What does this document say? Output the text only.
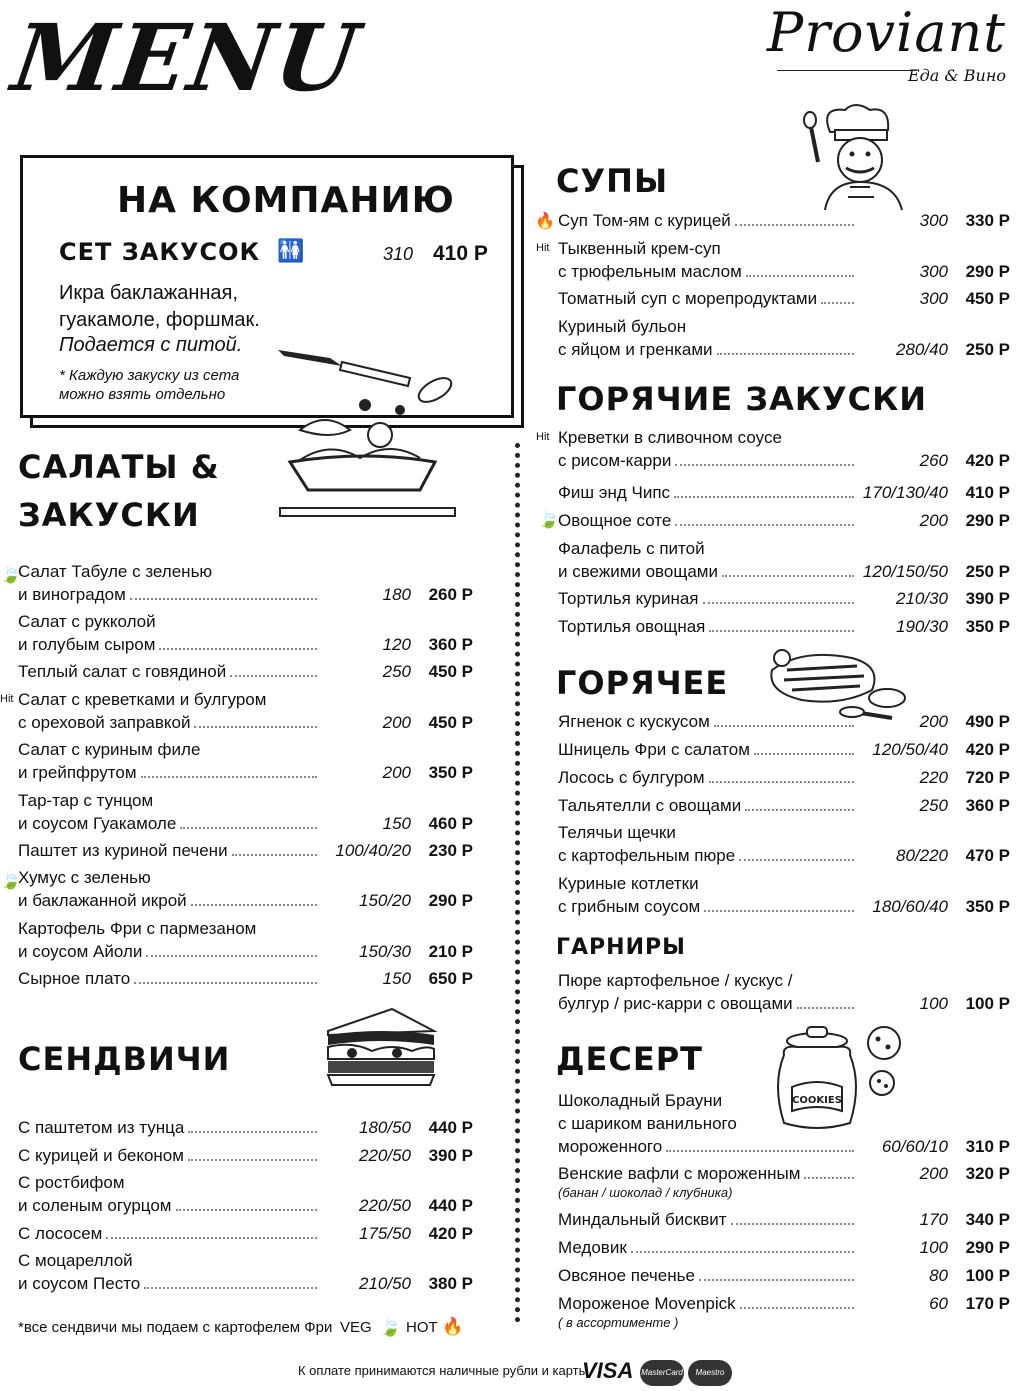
MENU	Proviant
Еда & Вино
НА КОМПАНИЮ
СЕТ ЗАКУСОК 🚻	310 410 Р
Икра баклажанная,
гуакамоле, форшмак.
Подается с питой.
* Каждую закуску из сета
можно взять отдельно
САЛАТЫ &
ЗАКУСКИ
🍃
Салат Табуле с зеленью
и виноградом	180	260 Р
Салат с рукколой
и голубым сыром	120	360 Р
Теплый салат с говядиной	250	450 Р
Hit Салат с креветками и булгуром
с ореховой заправкой	200	450 Р
Салат с куриным филе
и грейпфрутом	200	350 Р
Тар-тар с тунцом
и соусом Гуакамоле	150	460 Р
Паштет из куриной печени	100/40/20	230 Р
🍃
Хумус с зеленью
и баклажанной икрой	150/20	290 Р
Картофель Фри с пармезаном
и соусом Айоли	150/30	210 Р
Сырное плато	150	650 Р
СЕНДВИЧИ
С паштетом из тунца	180/50	440 Р
С курицей и беконом	220/50	390 Р
С ростбифом
и соленым огурцом	220/50	440 Р
С лососем	175/50	420 Р
С моцареллой
и соусом Песто	210/50	380 Р
СУПЫ
🔥 Суп Том-ям с курицей	300	330 Р
Hit Тыквенный крем-суп
с трюфельным маслом	300	290 Р
Томатный суп с морепродуктами	300	450 Р
Куриный бульон
с яйцом и гренками	280/40	250 Р
ГОРЯЧИЕ ЗАКУСКИ
Hit Креветки в сливочном соусе
с рисом-карри	260	420 Р
Фиш энд Чипс	170/130/40	410 Р
🍃
Овощное соте	200	290 Р
Фалафель с питой
и свежими овощами	120/150/50	250 Р
Тортилья куриная	210/30	390 Р
Тортилья овощная	190/30	350 Р
ГОРЯЧЕЕ
Ягненок с кускусом	200	490 Р
Шницель Фри с салатом	120/50/40	420 Р
Лосось с булгуром	220	720 Р
Тальятелли с овощами	250	360 Р
Телячьи щечки
с картофельным пюре	80/220	470 Р
Куриные котлетки
с грибным соусом	180/60/40	350 Р
ГАРНИРЫ
Пюре картофельное / кускус /
булгур / рис-карри с овощами	100	100 Р
ДЕСЕРТ
COOKIES
Шоколадный Брауни
с шариком ванильного
мороженного	60/60/10	310 Р
Венские вафли с мороженным	200	320 Р
(банан / шоколад / клубника)
Миндальный бисквит	170	340 Р
Медовик	100	290 Р
Овсяное печенье	80	100 Р
Мороженое Movenpick	60	170 Р
( в ассортименте )
*все сендвичи мы подаем с картофелем Фри VEG 🍃 HOT 🔥
К оплате принимаются наличные рубли и карты
VISA MasterCard	Maestro
